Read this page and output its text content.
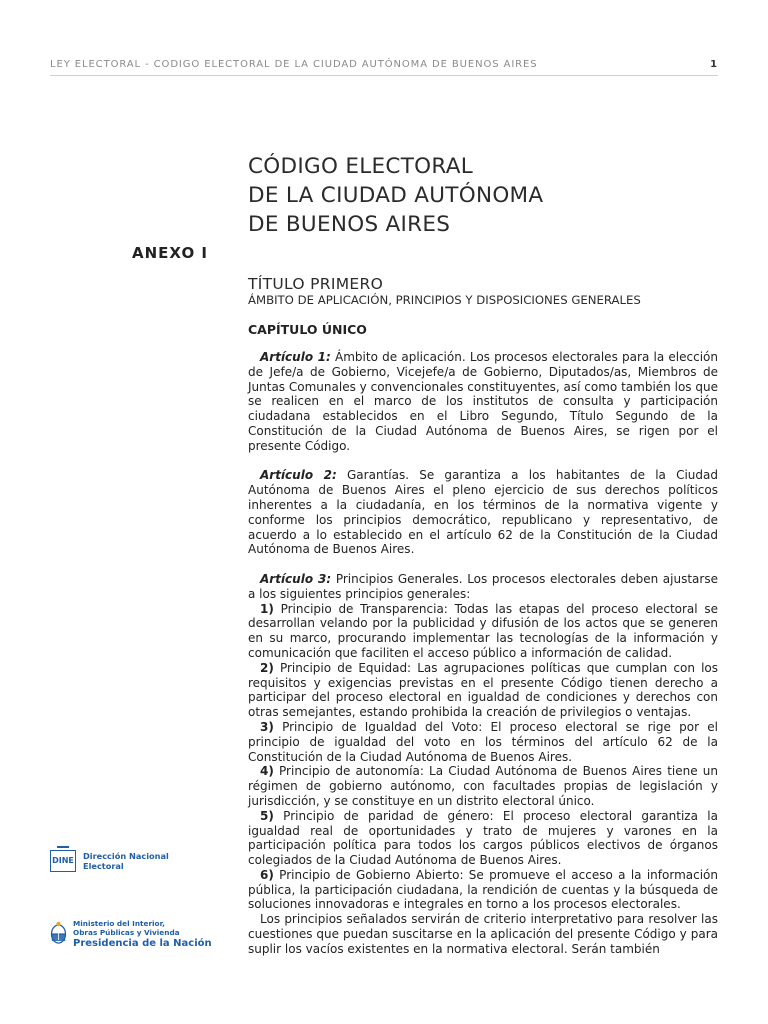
LEY ELECTORAL - CODIGO ELECTORAL DE LA CIUDAD AUTÓNOMA DE BUENOS AIRES	1
CÓDIGO ELECTORAL
DE LA CIUDAD AUTÓNOMA
DE BUENOS AIRES
ANEXO I
TÍTULO PRIMERO
ÁMBITO DE APLICACIÓN, PRINCIPIOS Y DISPOSICIONES GENERALES
CAPÍTULO ÚNICO

Artículo 1: Ámbito de aplicación. Los procesos electorales para la elección de Jefe/a de Gobierno, Vicejefe/a de Gobierno, Diputados/as, Miembros de Juntas Comunales y convencionales constituyentes, así como también los que se realicen en el marco de los institutos de consulta y participación ciudadana establecidos en el Libro Segundo, Título Segundo de la Constitución de la Ciudad Autónoma de Buenos Aires, se rigen por el presente Código.

Artículo 2: Garantías. Se garantiza a los habitantes de la Ciudad Autónoma de Buenos Aires el pleno ejercicio de sus derechos políticos inherentes a la ciudadanía, en los términos de la normativa vigente y conforme los principios democrático, republicano y representativo, de acuerdo a lo establecido en el artículo 62 de la Constitución de la Ciudad Autónoma de Buenos Aires.

Artículo 3: Principios Generales. Los procesos electorales deben ajustarse a los siguientes principios generales:

1) Principio de Transparencia: Todas las etapas del proceso electoral se desarrollan velando por la publicidad y difusión de los actos que se generen en su marco, procurando implementar las tecnologías de la información y comunicación que faciliten el acceso público a información de calidad.

2) Principio de Equidad: Las agrupaciones políticas que cumplan con los requisitos y exigencias previstas en el presente Código tienen derecho a participar del proceso electoral en igualdad de condiciones y derechos con otras semejantes, estando prohibida la creación de privilegios o ventajas.

3) Principio de Igualdad del Voto: El proceso electoral se rige por el principio de igualdad del voto en los términos del artículo 62 de la Constitución de la Ciudad Autónoma de Buenos Aires.

4) Principio de autonomía: La Ciudad Autónoma de Buenos Aires tiene un régimen de gobierno autónomo, con facultades propias de legislación y jurisdicción, y se constituye en un distrito electoral único.

5) Principio de paridad de género: El proceso electoral garantiza la igualdad real de oportunidades y trato de mujeres y varones en la participación política para todos los cargos públicos electivos de órganos colegiados de la Ciudad Autónoma de Buenos Aires.

6) Principio de Gobierno Abierto: Se promueve el acceso a la información pública, la participación ciudadana, la rendición de cuentas y la búsqueda de soluciones innovadoras e integrales en torno a los procesos electorales.

Los principios señalados servirán de criterio interpretativo para resolver las cuestiones que puedan suscitarse en la aplicación del presente Código y para suplir los vacíos existentes en la normativa electoral. Serán también

DINE Dirección Nacional
Electoral
Ministerio del Interior,
Obras Públicas y Vivienda
Presidencia de la Nación
